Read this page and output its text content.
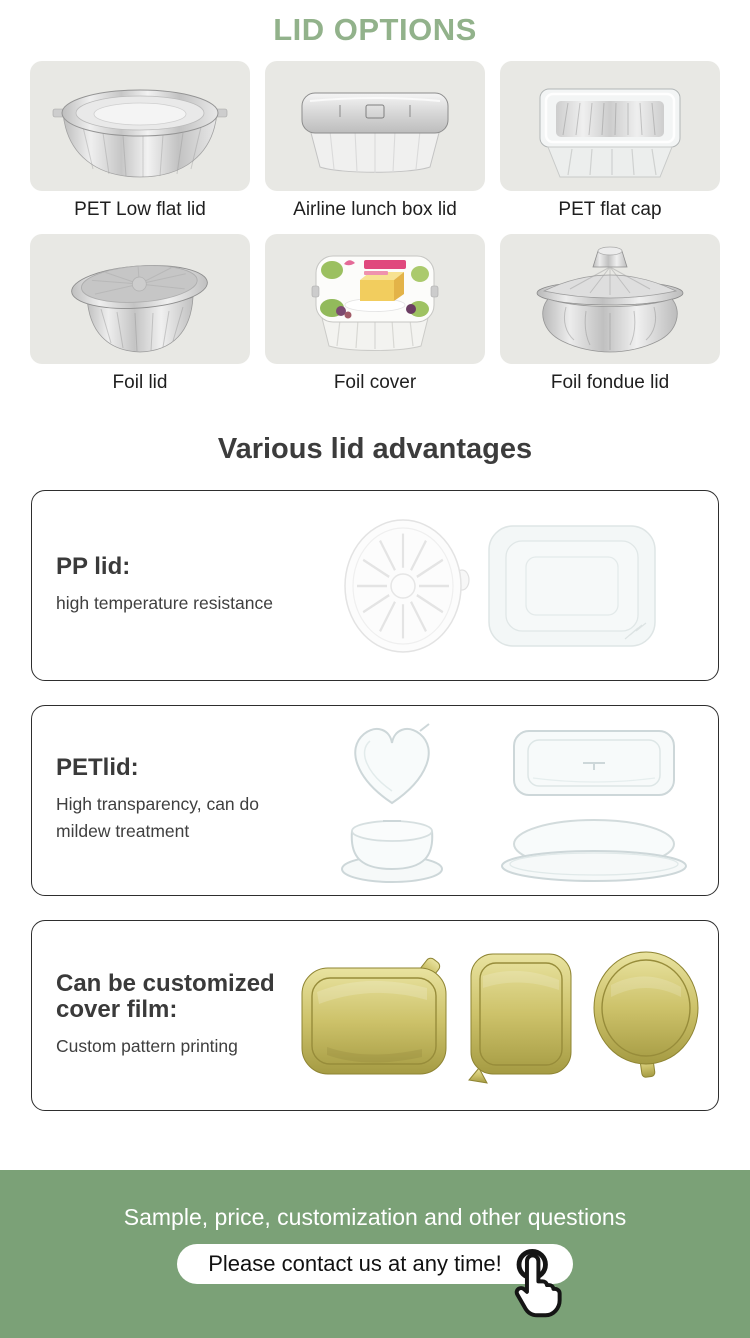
LID OPTIONS
PET Low flat lid	Airline lunch box lid	PET flat cap
Foil lid	Foil cover	Foil fondue lid
Various lid advantages
PP lid:
high temperature resistance
PETlid:
High transparency, can do
mildew treatment
Can be customized cover film:
Custom pattern printing
Sample, price, customization and other questions
Please contact us at any time!
